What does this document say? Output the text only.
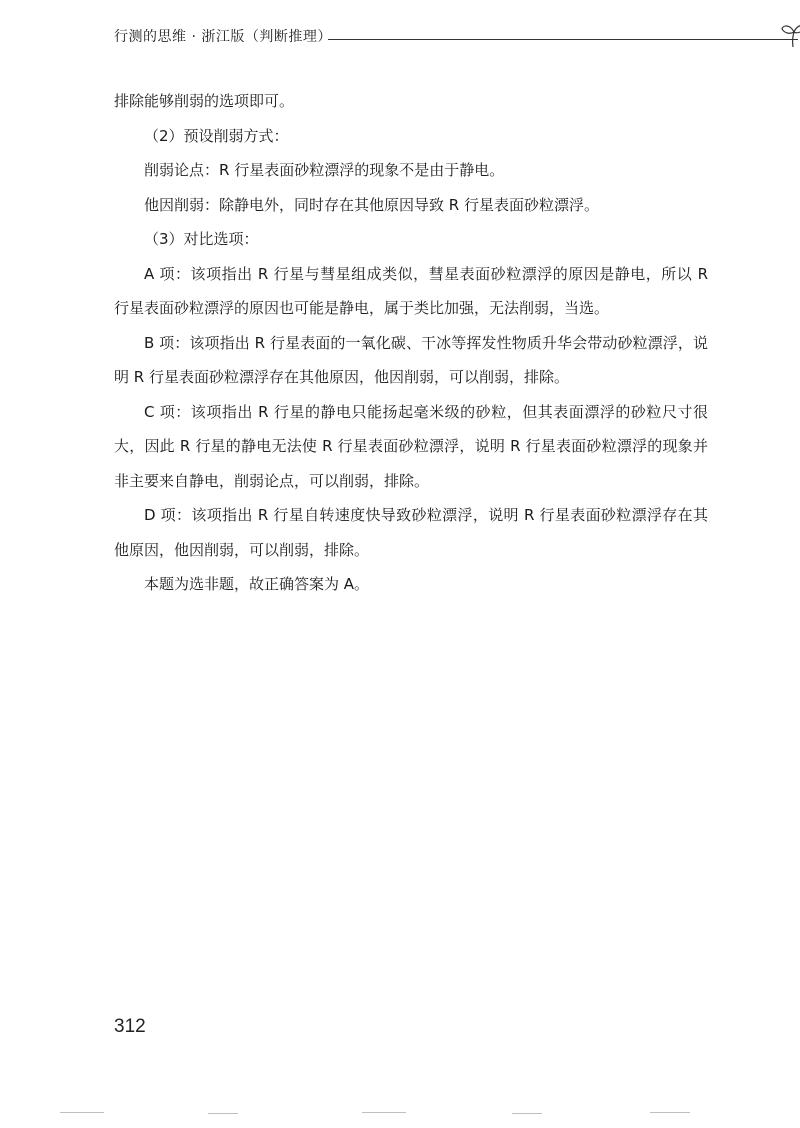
行测的思维 · 浙江版（判断推理）

排除能够削弱的选项即可。

（2）预设削弱方式：

削弱论点：R 行星表面砂粒漂浮的现象不是由于静电。

他因削弱：除静电外，同时存在其他原因导致 R 行星表面砂粒漂浮。

（3）对比选项：

A 项：该项指出 R 行星与彗星组成类似，彗星表面砂粒漂浮的原因是静电，所以 R 行星表面砂粒漂浮的原因也可能是静电，属于类比加强，无法削弱，当选。

B 项：该项指出 R 行星表面的一氧化碳、干冰等挥发性物质升华会带动砂粒漂浮，说明 R 行星表面砂粒漂浮存在其他原因，他因削弱，可以削弱，排除。

C 项：该项指出 R 行星的静电只能扬起毫米级的砂粒，但其表面漂浮的砂粒尺寸很大，因此 R 行星的静电无法使 R 行星表面砂粒漂浮，说明 R 行星表面砂粒漂浮的现象并非主要来自静电，削弱论点，可以削弱，排除。

D 项：该项指出 R 行星自转速度快导致砂粒漂浮，说明 R 行星表面砂粒漂浮存在其他原因，他因削弱，可以削弱，排除。

本题为选非题，故正确答案为 A。

312
